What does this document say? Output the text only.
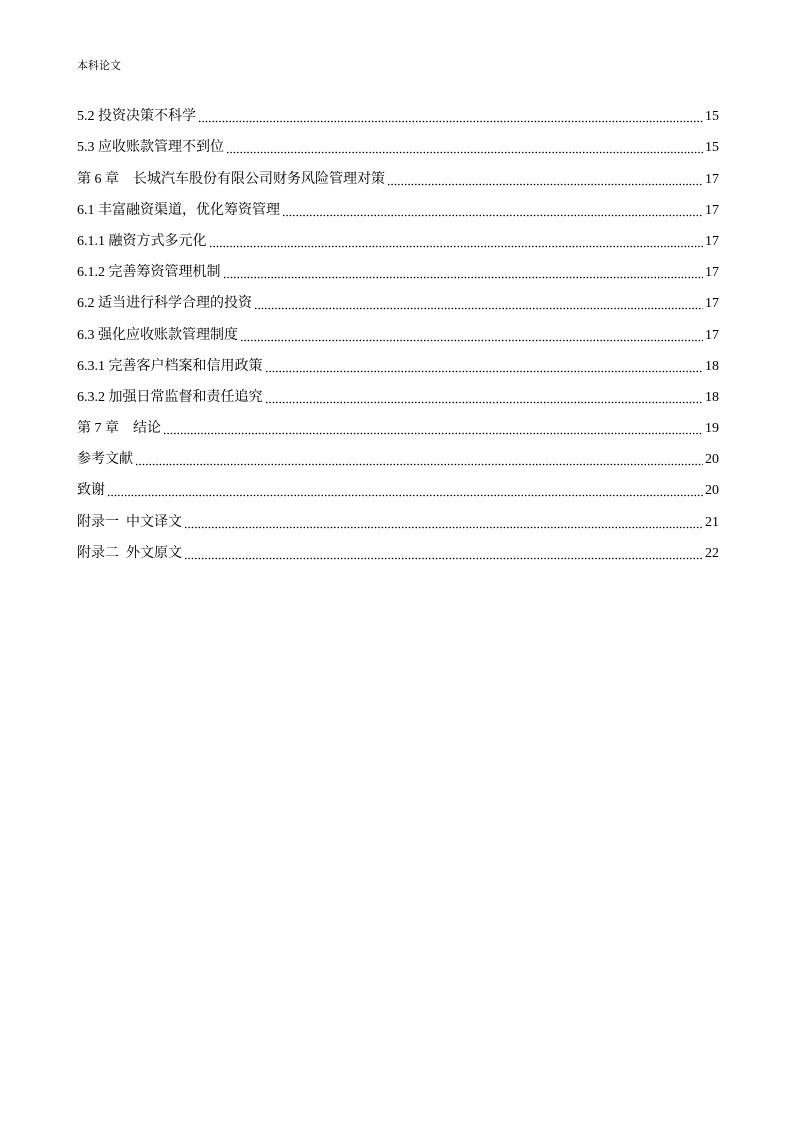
本科论文
5.2 投资决策不科学	15
5.3 应收账款管理不到位	15
第 6 章　长城汽车股份有限公司财务风险管理对策	17
6.1 丰富融资渠道，优化筹资管理	17
6.1.1 融资方式多元化	17
6.1.2 完善筹资管理机制	17
6.2 适当进行科学合理的投资	17
6.3 强化应收账款管理制度	17
6.3.1 完善客户档案和信用政策	18
6.3.2 加强日常监督和责任追究	18
第 7 章　结论	19
参考文献	20
致谢	20
附录一  中文译文	21
附录二  外文原文	22
